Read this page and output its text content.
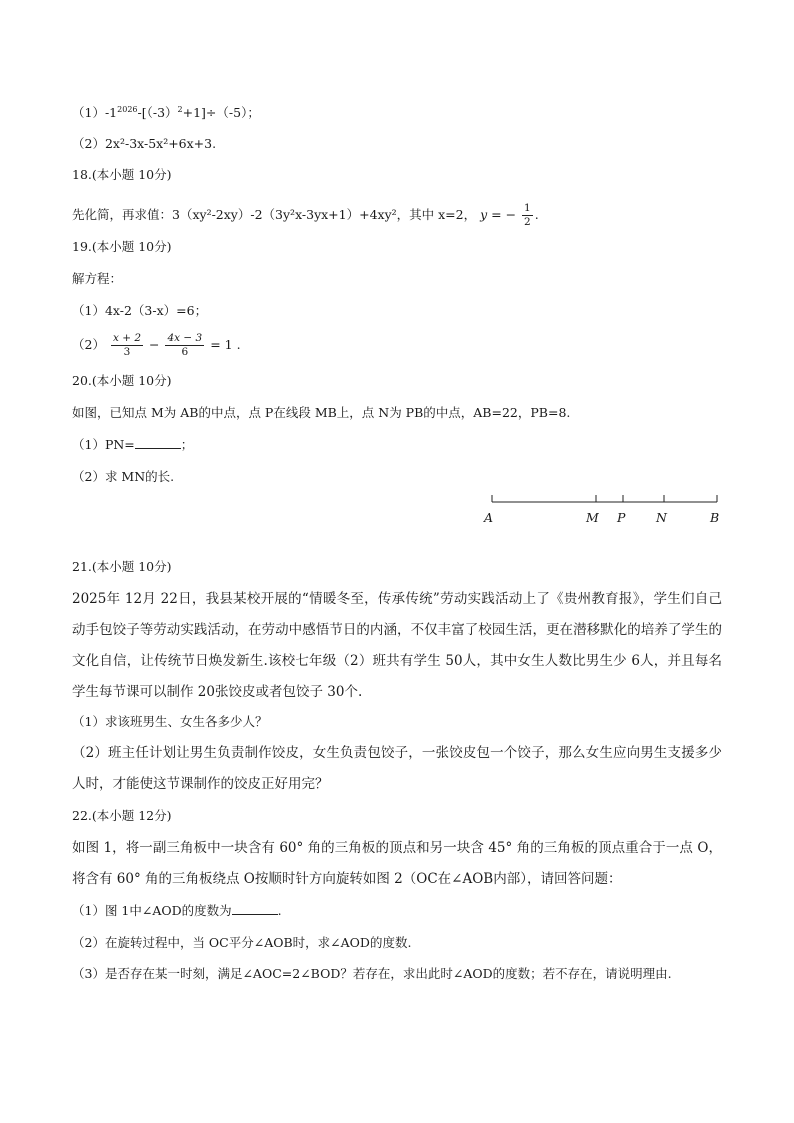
$(1)-1^{2026}-[(-3)^2+1]\div(-5)$；
（2）2x²-3x-5x²+6x+3.
18.(本小题 10分)
先化简，再求值：3（xy²-2xy）-2（3y²x-3yx+1）+4xy²，其中 x=2， y = − $\frac{1}{2}$ .
19.(本小题 10分)
解方程：
（1）4x-2（3-x）=6；
$(2) \frac{x + 2}{3} - \frac{4x - 3}{6} = 1$ .
20.(本小题 10分)
如图，已知点 M为 AB的中点，点 P在线段 MB上，点 N为 PB的中点，AB=22，PB=8.
（1）PN=	；
（2）求 MN的长.
A	M P N	B
21.(本小题 10分)
2025年 12月 22日，我县某校开展的“情暖冬至，传承传统”劳动实践活动上了《贵州教育报》，学生们自己动手包饺子等劳动实践活动，在劳动中感悟节日的内涵，不仅丰富了校园生活，更在潜移默化的培养了学生的文化自信，让传统节日焕发新生.该校七年级（2）班共有学生 50人，其中女生人数比男生少 6人，并且每名学生每节课可以制作 20张饺皮或者包饺子 30个.
（1）求该班男生、女生各多少人？
（2）班主任计划让男生负责制作饺皮，女生负责包饺子，一张饺皮包一个饺子，那么女生应向男生支援多少人时，才能使这节课制作的饺皮正好用完？
22.(本小题 12分)
如图 1，将一副三角板中一块含有 60° 角的三角板的顶点和另一块含 45° 角的三角板的顶点重合于一点 O，将含有 60° 角的三角板绕点 O按顺时针方向旋转如图 2（OC在∠AOB内部），请回答问题：
（1）图 1中∠AOD的度数为	.
（2）在旋转过程中，当 OC平分∠AOB时，求∠AOD的度数.
（3）是否存在某一时刻，满足∠AOC=2∠BOD？若存在，求出此时∠AOD的度数；若不存在，请说明理由.
